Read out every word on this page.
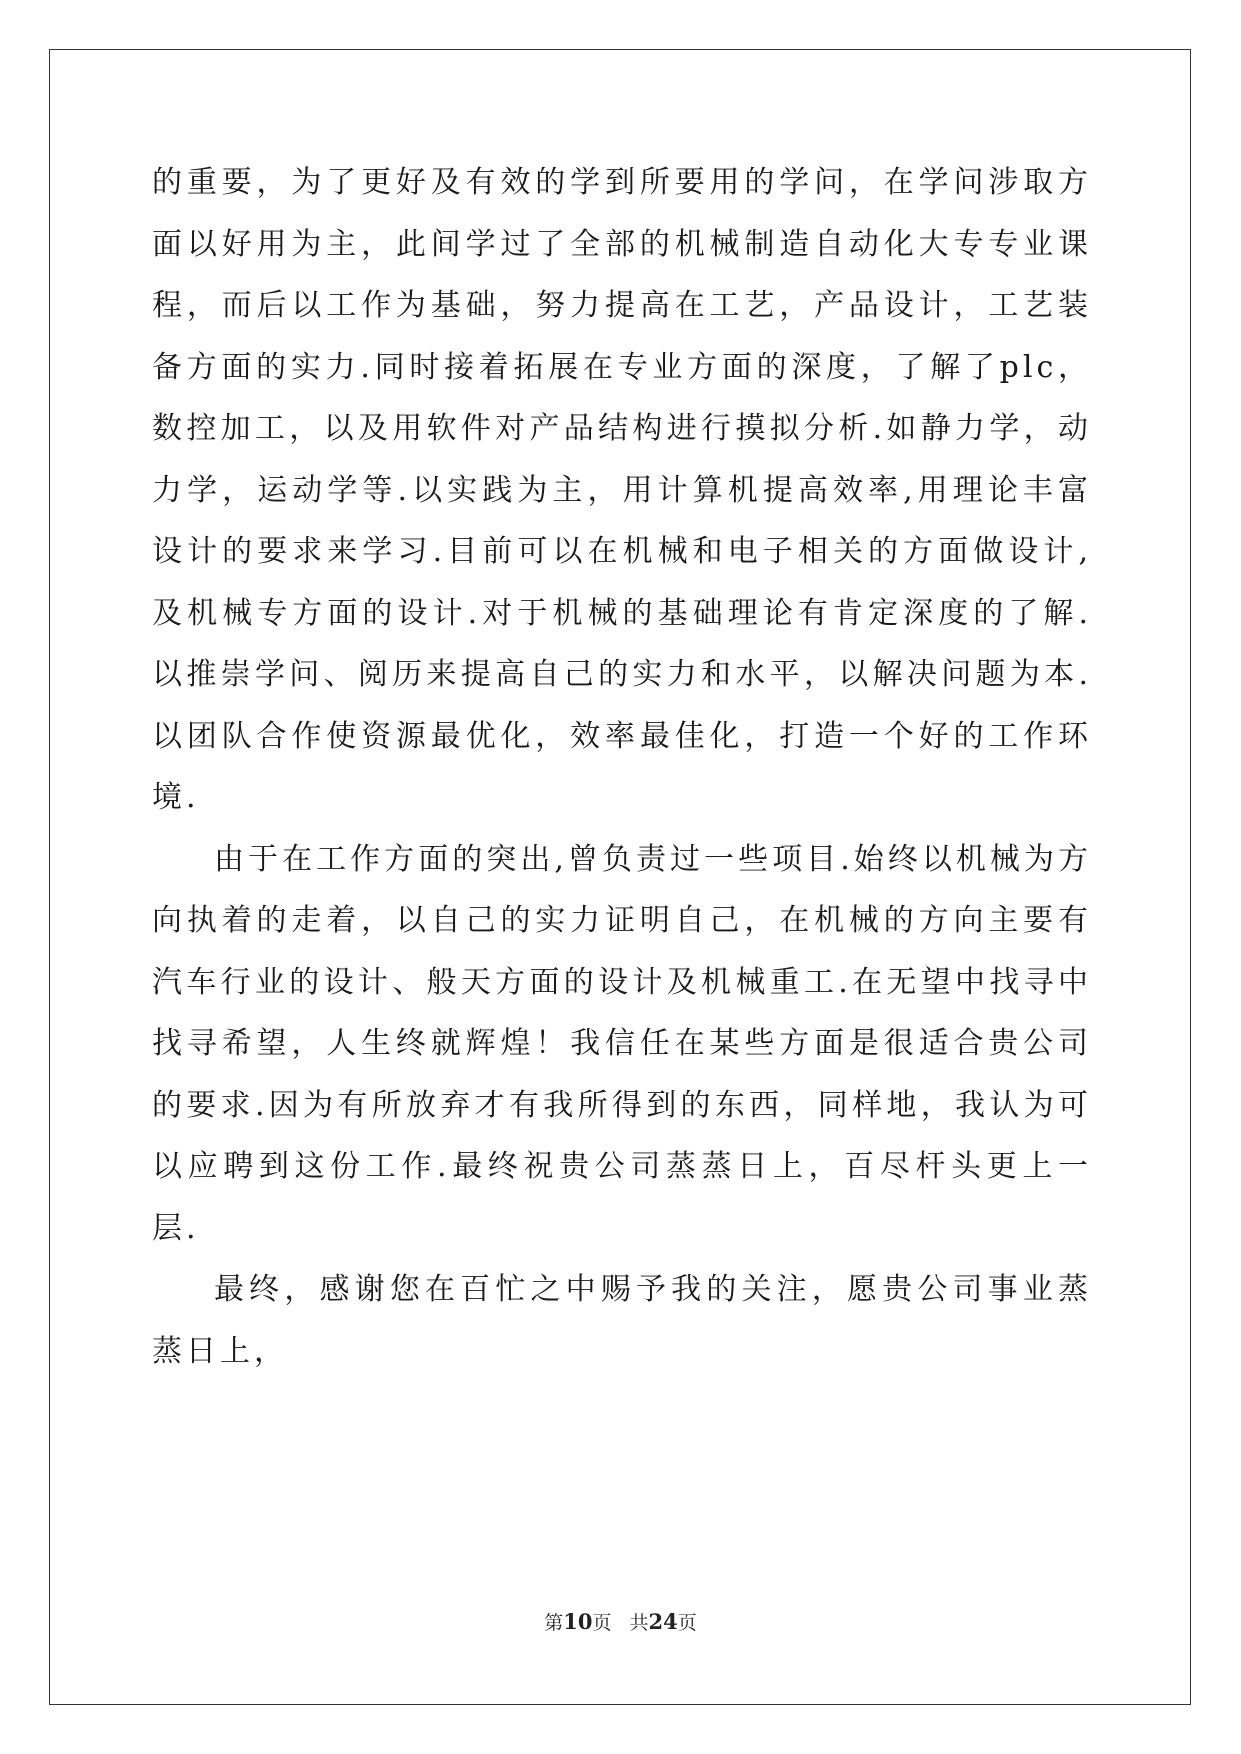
的重要，为了更好及有效的学到所要用的学问，在学问涉取方面以好用为主，此间学过了全部的机械制造自动化大专专业课程，而后以工作为基础，努力提高在工艺，产品设计，工艺装备方面的实力.同时接着拓展在专业方面的深度，了解了plc，数控加工，以及用软件对产品结构进行摸拟分析.如静力学，动力学，运动学等.以实践为主，用计算机提高效率,用理论丰富设计的要求来学习.目前可以在机械和电子相关的方面做设计,及机械专方面的设计.对于机械的基础理论有肯定深度的了解.以推崇学问、阅历来提高自己的实力和水平，以解决问题为本.以团队合作使资源最优化，效率最佳化，打造一个好的工作环境.

由于在工作方面的突出,曾负责过一些项目.始终以机械为方向执着的走着，以自己的实力证明自己，在机械的方向主要有汽车行业的设计、般天方面的设计及机械重工.在无望中找寻中找寻希望，人生终就辉煌！我信任在某些方面是很适合贵公司的要求.因为有所放弃才有我所得到的东西，同样地，我认为可以应聘到这份工作.最终祝贵公司蒸蒸日上，百尽杆头更上一层.

最终，感谢您在百忙之中赐予我的关注，愿贵公司事业蒸蒸日上，

第10页 共24页
